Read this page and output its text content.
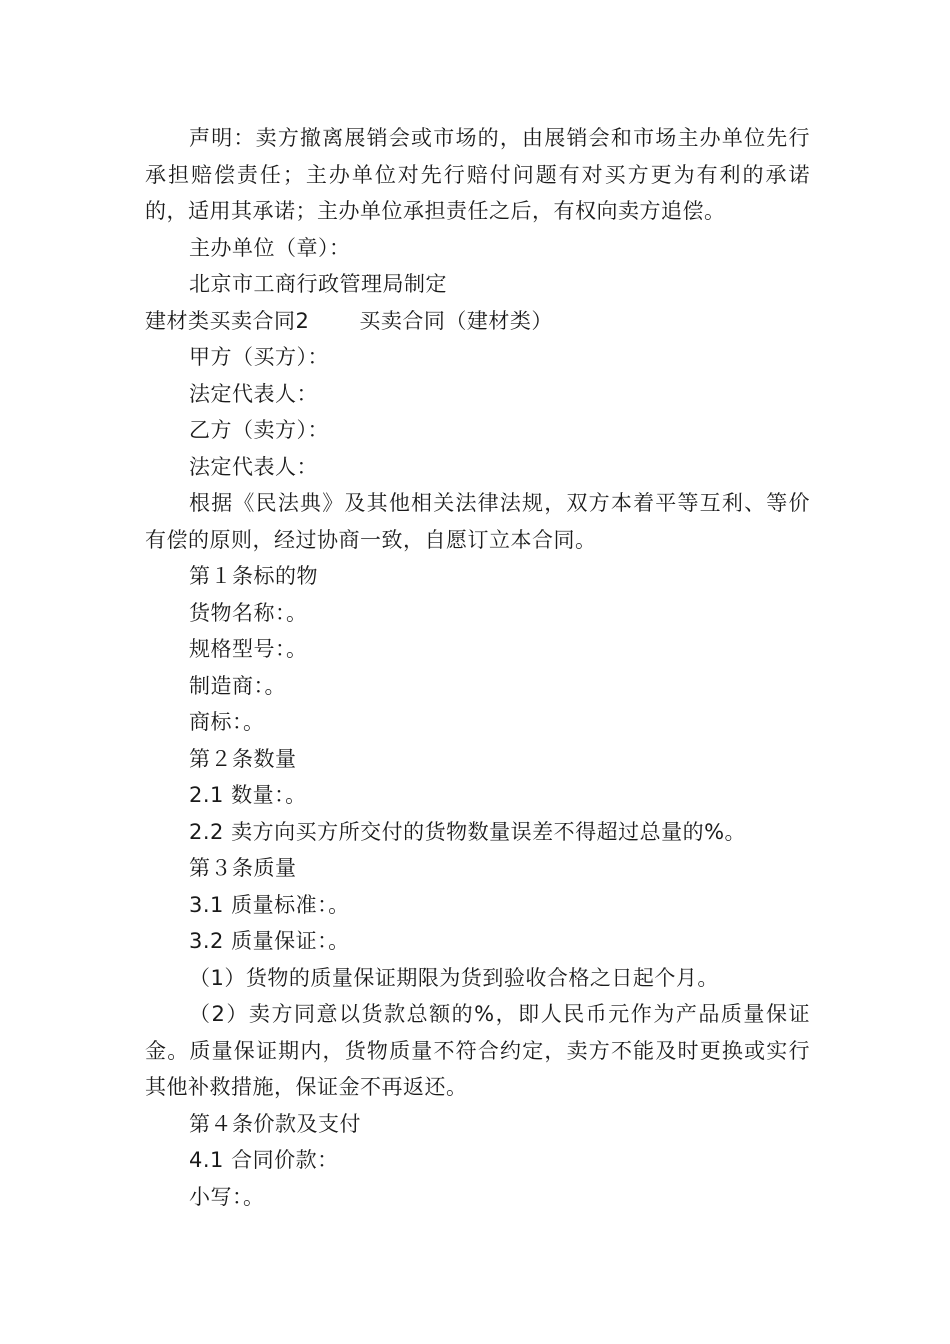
声明：卖方撤离展销会或市场的，由展销会和市场主办单位先行承担赔偿责任；主办单位对先行赔付问题有对买方更为有利的承诺的，适用其承诺；主办单位承担责任之后，有权向卖方追偿。

主办单位（章）：

北京市工商行政管理局制定

建材类买卖合同2 买卖合同（建材类）

甲方（买方）：

法定代表人：

乙方（卖方）：

法定代表人：

根据《民法典》及其他相关法律法规，双方本着平等互利、等价有偿的原则，经过协商一致，自愿订立本合同。

第１条标的物

货物名称：。

规格型号：。

制造商：。

商标：。

第２条数量

2.1 数量：。

2.2 卖方向买方所交付的货物数量误差不得超过总量的%。

第３条质量

3.1 质量标准：。

3.2 质量保证：。

（1）货物的质量保证期限为货到验收合格之日起个月。

（2）卖方同意以货款总额的%，即人民币元作为产品质量保证金。质量保证期内，货物质量不符合约定，卖方不能及时更换或实行其他补救措施，保证金不再返还。

第４条价款及支付

4.1 合同价款：

小写：。
